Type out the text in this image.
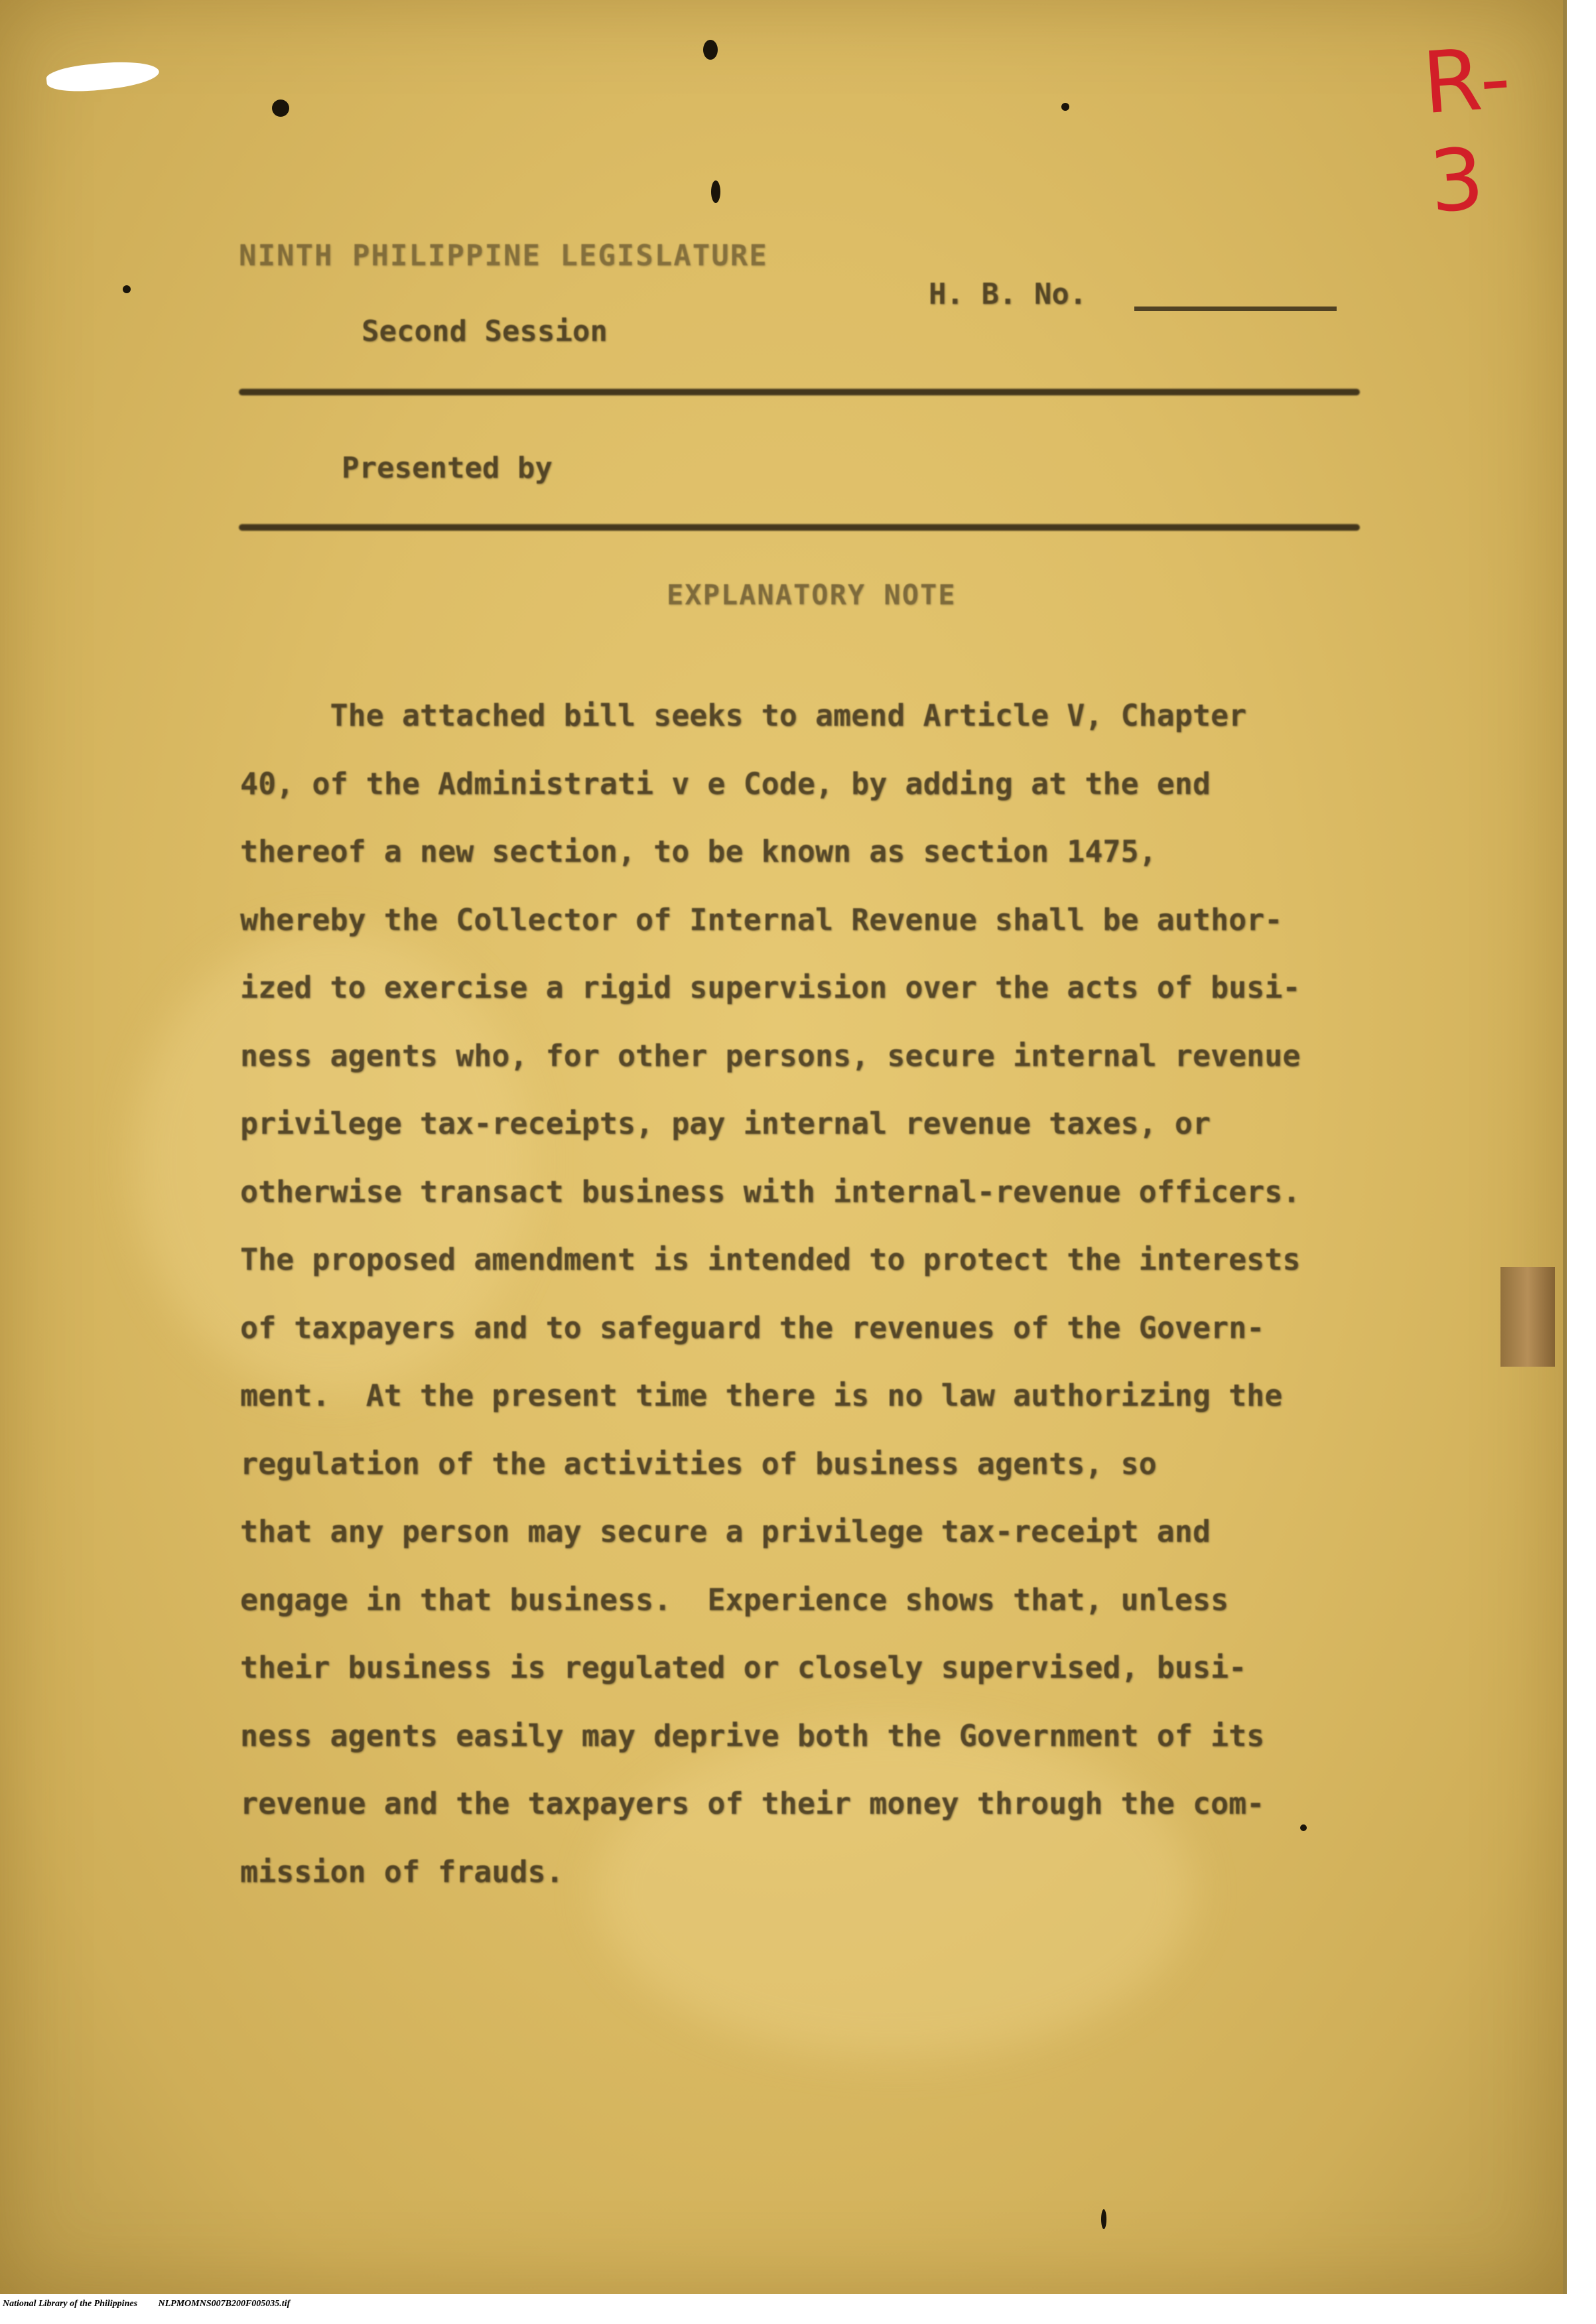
R-3
NINTH PHILIPPINE LEGISLATURE
Second Session
H. B. No.
Presented by
EXPLANATORY NOTE
The attached bill seeks to amend Article V, Chapter
40, of the Administrati v e Code, by adding at the end
thereof a new section, to be known as section 1475,
whereby the Collector of Internal Revenue shall be author-
ized to exercise a rigid supervision over the acts of busi-
ness agents who, for other persons, secure internal revenue
privilege tax-receipts, pay internal revenue taxes, or
otherwise transact business with internal-revenue officers.
The proposed amendment is intended to protect the interests
of taxpayers and to safeguard the revenues of the Govern-
ment.  At the present time there is no law authorizing the
regulation of the activities of business agents, so
that any person may secure a privilege tax-receipt and
engage in that business.  Experience shows that, unless
their business is regulated or closely supervised, busi-
ness agents easily may deprive both the Government of its
revenue and the taxpayers of their money through the com-
mission of frauds.
National Library of the Philippines NLPMOMNS007B200F005035.tif
